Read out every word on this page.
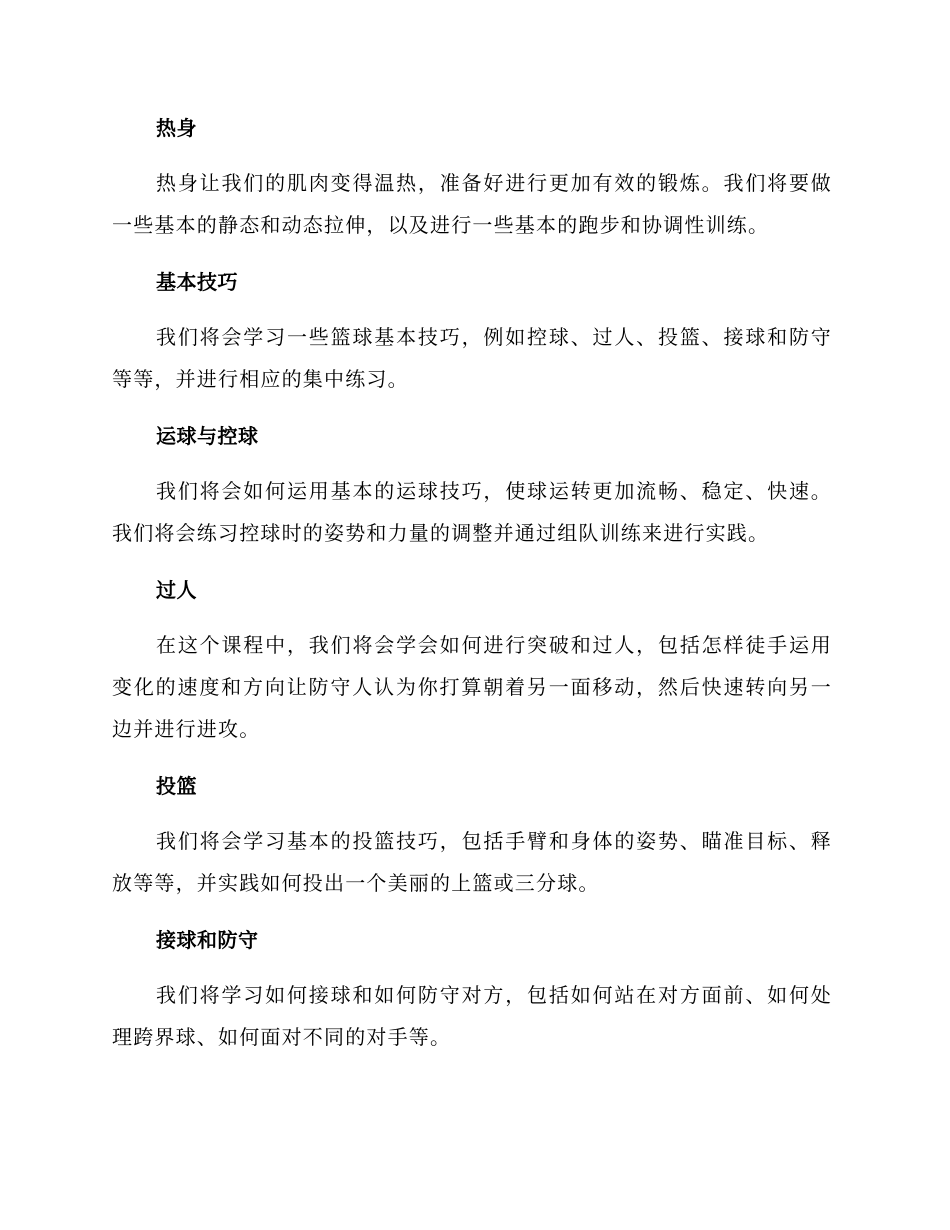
热身

热身让我们的肌肉变得温热，准备好进行更加有效的锻炼。我们将要做一些基本的静态和动态拉伸，以及进行一些基本的跑步和协调性训练。

基本技巧

我们将会学习一些篮球基本技巧，例如控球、过人、投篮、接球和防守等等，并进行相应的集中练习。

运球与控球

我们将会如何运用基本的运球技巧，使球运转更加流畅、稳定、快速。我们将会练习控球时的姿势和力量的调整并通过组队训练来进行实践。

过人

在这个课程中，我们将会学会如何进行突破和过人，包括怎样徒手运用变化的速度和方向让防守人认为你打算朝着另一面移动，然后快速转向另一边并进行进攻。

投篮

我们将会学习基本的投篮技巧，包括手臂和身体的姿势、瞄准目标、释放等等，并实践如何投出一个美丽的上篮或三分球。

接球和防守

我们将学习如何接球和如何防守对方，包括如何站在对方面前、如何处理跨界球、如何面对不同的对手等。
